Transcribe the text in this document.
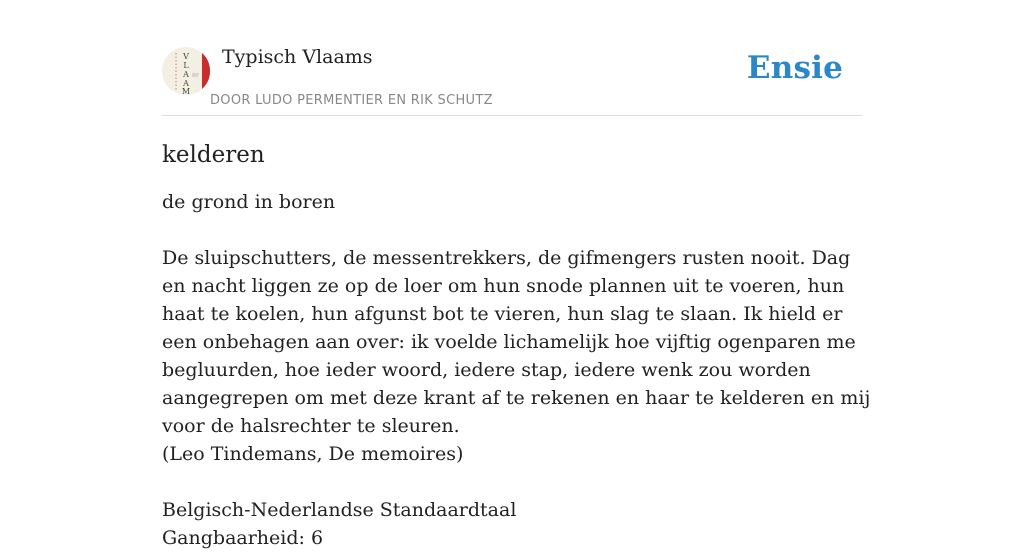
V
L
A
A
M
Typisch Vlaams
DOOR LUDO PERMENTIER EN RIK SCHUTZ
Ensie
kelderen

de grond in boren

De sluipschutters, de messentrekkers, de gifmengers rusten nooit. Dag en nacht liggen ze op de loer om hun snode plannen uit te voeren, hun haat te koelen, hun afgunst bot te vieren, hun slag te slaan. Ik hield er een onbehagen aan over: ik voelde lichamelijk hoe vijftig ogenparen me begluurden, hoe ieder woord, iedere stap, iedere wenk zou worden aangegrepen om met deze krant af te rekenen en haar te kelderen en mij voor de halsrechter te sleuren.

(Leo Tindemans, De memoires)

Belgisch-Nederlandse Standaardtaal
Gangbaarheid: 6
